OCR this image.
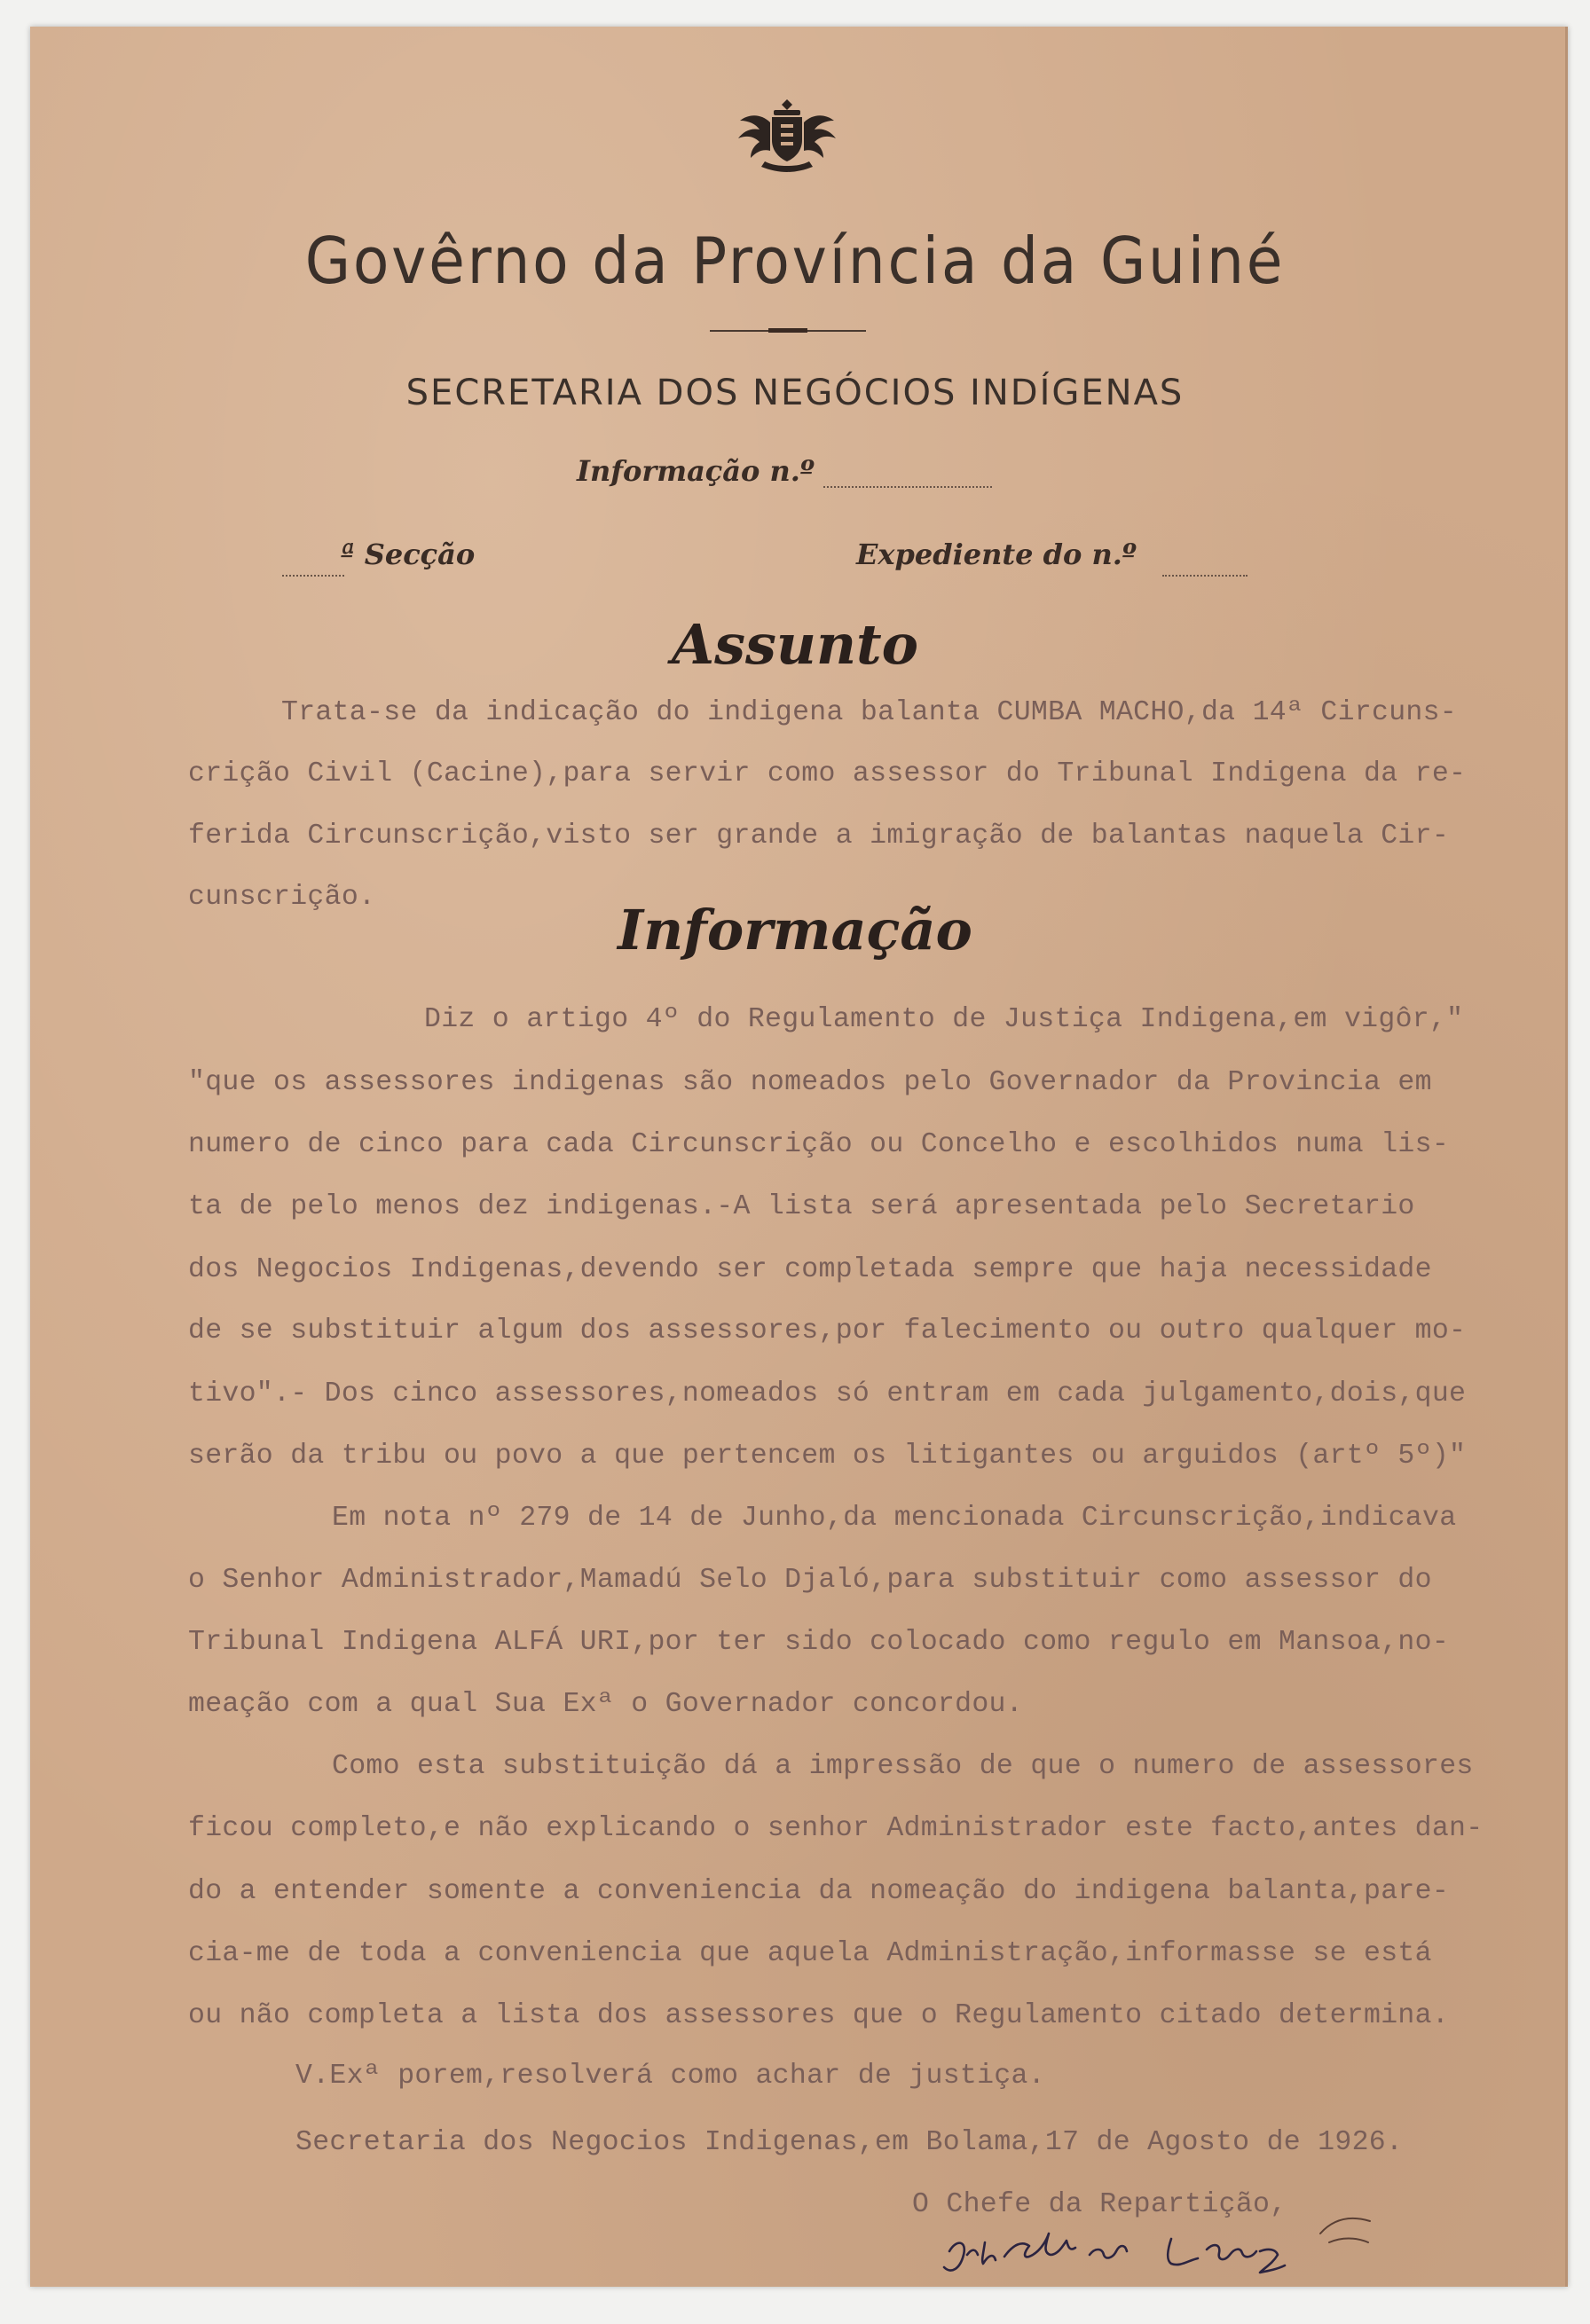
Govêrno da Província da Guiné
SECRETARIA DOS NEGÓCIOS INDÍGENAS
Informação n.º
ª Secção	Expediente do n.º
Assunto
Trata-se da indicação do indigena balanta CUMBA MACHO,da 14ª Circuns-
crição Civil (Cacine),para servir como assessor do Tribunal Indigena da re-
ferida Circunscrição,visto ser grande a imigração de balantas naquela Cir-
cunscrição.
Informação
Diz o artigo 4º do Regulamento de Justiça Indigena,em vigôr,"
"que os assessores indigenas são nomeados pelo Governador da Provincia em
numero de cinco para cada Circunscrição ou Concelho e escolhidos numa lis-
ta de pelo menos dez indigenas.-A lista será apresentada pelo Secretario
dos Negocios Indigenas,devendo ser completada sempre que haja necessidade
de se substituir algum dos assessores,por falecimento ou outro qualquer mo-
tivo".- Dos cinco assessores,nomeados só entram em cada julgamento,dois,que
serão da tribu ou povo a que pertencem os litigantes ou arguidos (artº 5º)"
Em nota nº 279 de 14 de Junho,da mencionada Circunscrição,indicava
o Senhor Administrador,Mamadú Selo Djaló,para substituir como assessor do
Tribunal Indigena ALFÁ URI,por ter sido colocado como regulo em Mansoa,no-
meação com a qual Sua Exª o Governador concordou.
Como esta substituição dá a impressão de que o numero de assessores
ficou completo,e não explicando o senhor Administrador este facto,antes dan-
do a entender somente a conveniencia da nomeação do indigena balanta,pare-
cia-me de toda a conveniencia que aquela Administração,informasse se está
ou não completa a lista dos assessores que o Regulamento citado determina.
V.Exª porem,resolverá como achar de justiça.
Secretaria dos Negocios Indigenas,em Bolama,17 de Agosto de 1926.
O Chefe da Repartição,
